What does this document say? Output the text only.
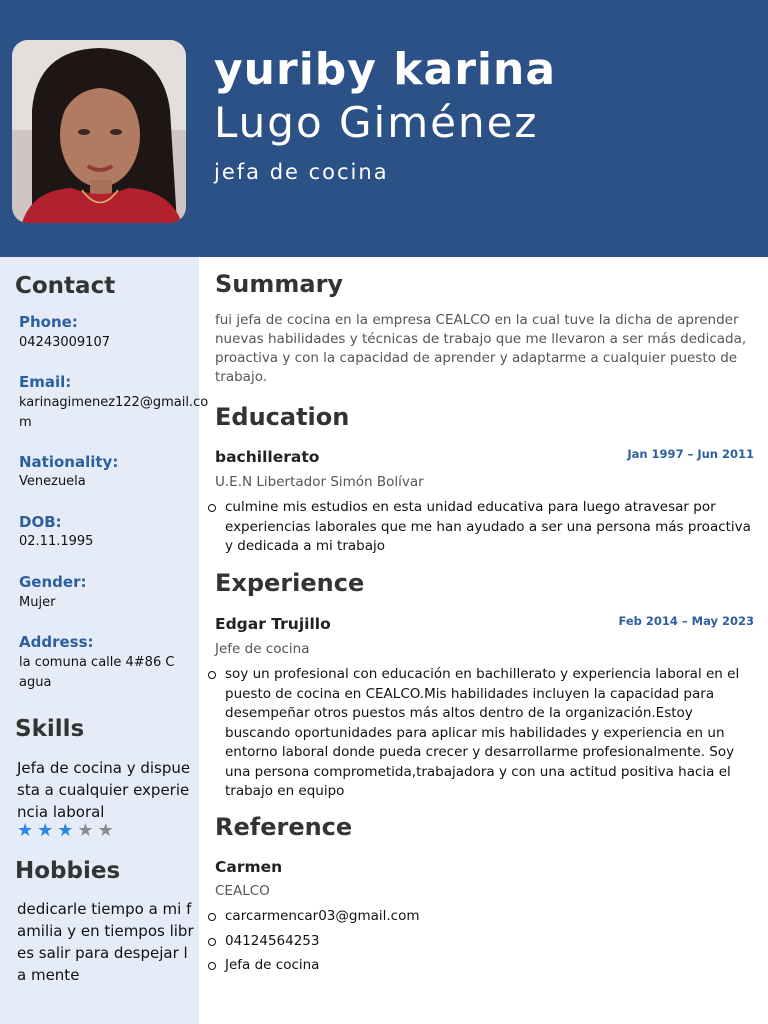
yuriby karina
Lugo Giménez
jefa de cocina
Contact
Phone:
04243009107
Email:
karinagimenez122@gmail.com
Nationality:
Venezuela
DOB:
02.11.1995
Gender:
Mujer
Address:
la comuna calle 4#86 C agua
Skills
Jefa de cocina y dispuesta a cualquier experiencia laboral
★★★★★
Hobbies
dedicarle tiempo a mi familia y en tiempos libres salir para despejar la mente
Summary
fui jefa de cocina en la empresa CEALCO en la cual tuve la dicha de aprender nuevas habilidades y técnicas de trabajo que me llevaron a ser más dedicada, proactiva y con la capacidad de aprender y adaptarme a cualquier puesto de trabajo.
Education
bachillerato	Jan 1997 – Jun 2011
U.E.N Libertador Simón Bolívar
culmine mis estudios en esta unidad educativa para luego atravesar por experiencias laborales que me han ayudado a ser una persona más proactiva y dedicada a mi trabajo
Experience
Edgar Trujillo	Feb 2014 – May 2023
Jefe de cocina
soy un profesional con educación en bachillerato y experiencia laboral en el puesto de cocina en CEALCO.Mis habilidades incluyen la capacidad para desempeñar otros puestos más altos dentro de la organización.Estoy buscando oportunidades para aplicar mis habilidades y experiencia en un entorno laboral donde pueda crecer y desarrollarme profesionalmente. Soy una persona comprometida,trabajadora y con una actitud positiva hacia el trabajo en equipo
Reference
Carmen
CEALCO
carcarmencar03@gmail.com
04124564253
Jefa de cocina
